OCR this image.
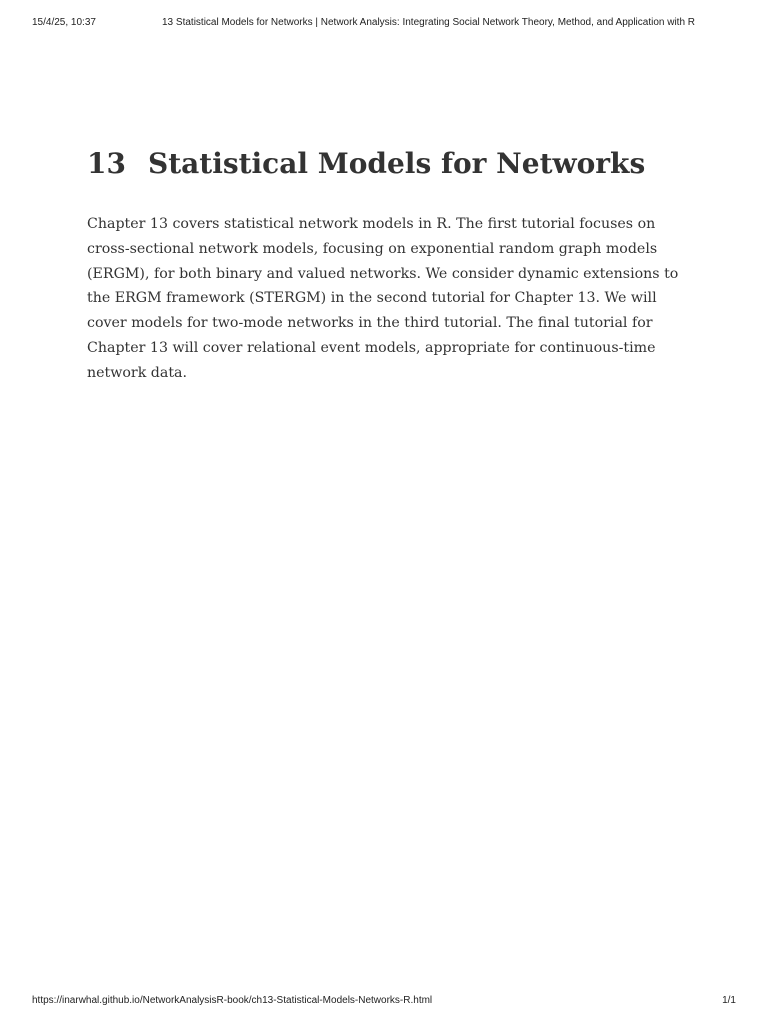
15/4/25, 10:37	13 Statistical Models for Networks | Network Analysis: Integrating Social Network Theory, Method, and Application with R
13 Statistical Models for Networks

Chapter 13 covers statistical network models in R. The first tutorial focuses on cross-sectional network models, focusing on exponential random graph models (ERGM), for both binary and valued networks. We consider dynamic extensions to the ERGM framework (STERGM) in the second tutorial for Chapter 13. We will cover models for two-mode networks in the third tutorial. The final tutorial for Chapter 13 will cover relational event models, appropriate for continuous-time network data.

https://inarwhal.github.io/NetworkAnalysisR-book/ch13-Statistical-Models-Networks-R.html	1/1
